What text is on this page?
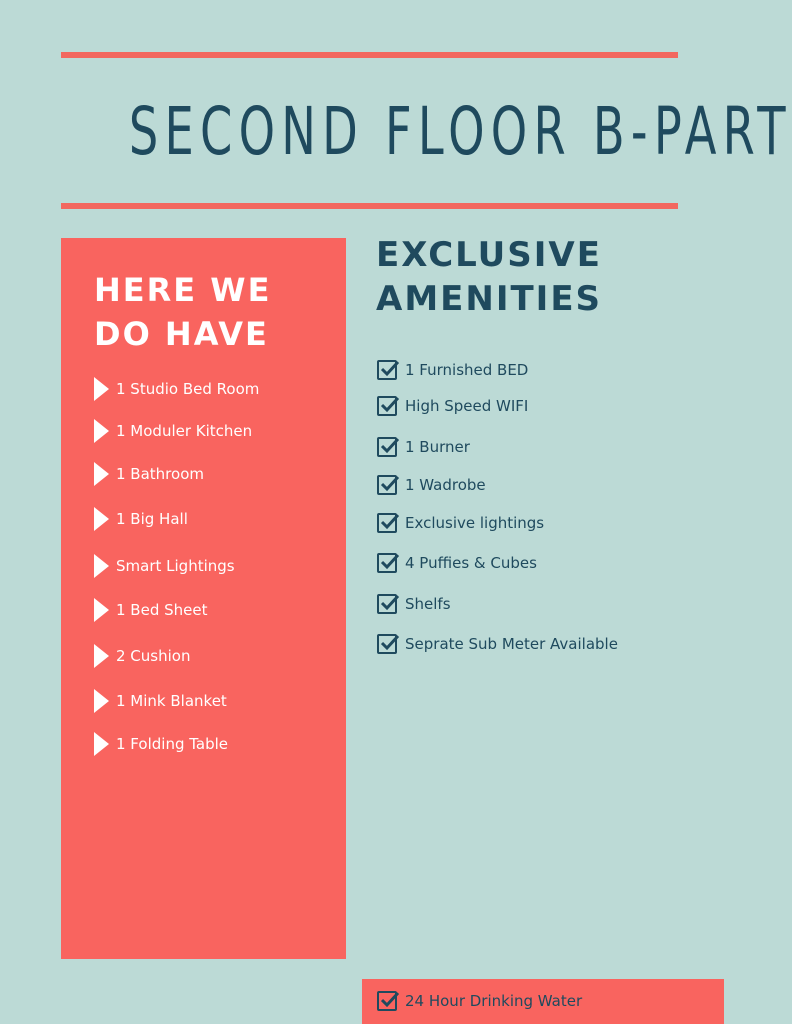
SECOND FLOOR B-PART
HERE WE DO HAVE
1 Studio Bed Room
1 Moduler Kitchen
1 Bathroom
1 Big Hall
Smart Lightings
1 Bed Sheet
2 Cushion
1 Mink Blanket
1 Folding Table
EXCLUSIVE AMENITIES
1 Furnished BED
High Speed WIFI
1 Burner
1 Wadrobe
Exclusive lightings
4 Puffies & Cubes
Shelfs
Seprate Sub Meter Available
24 Hour Drinking Water
